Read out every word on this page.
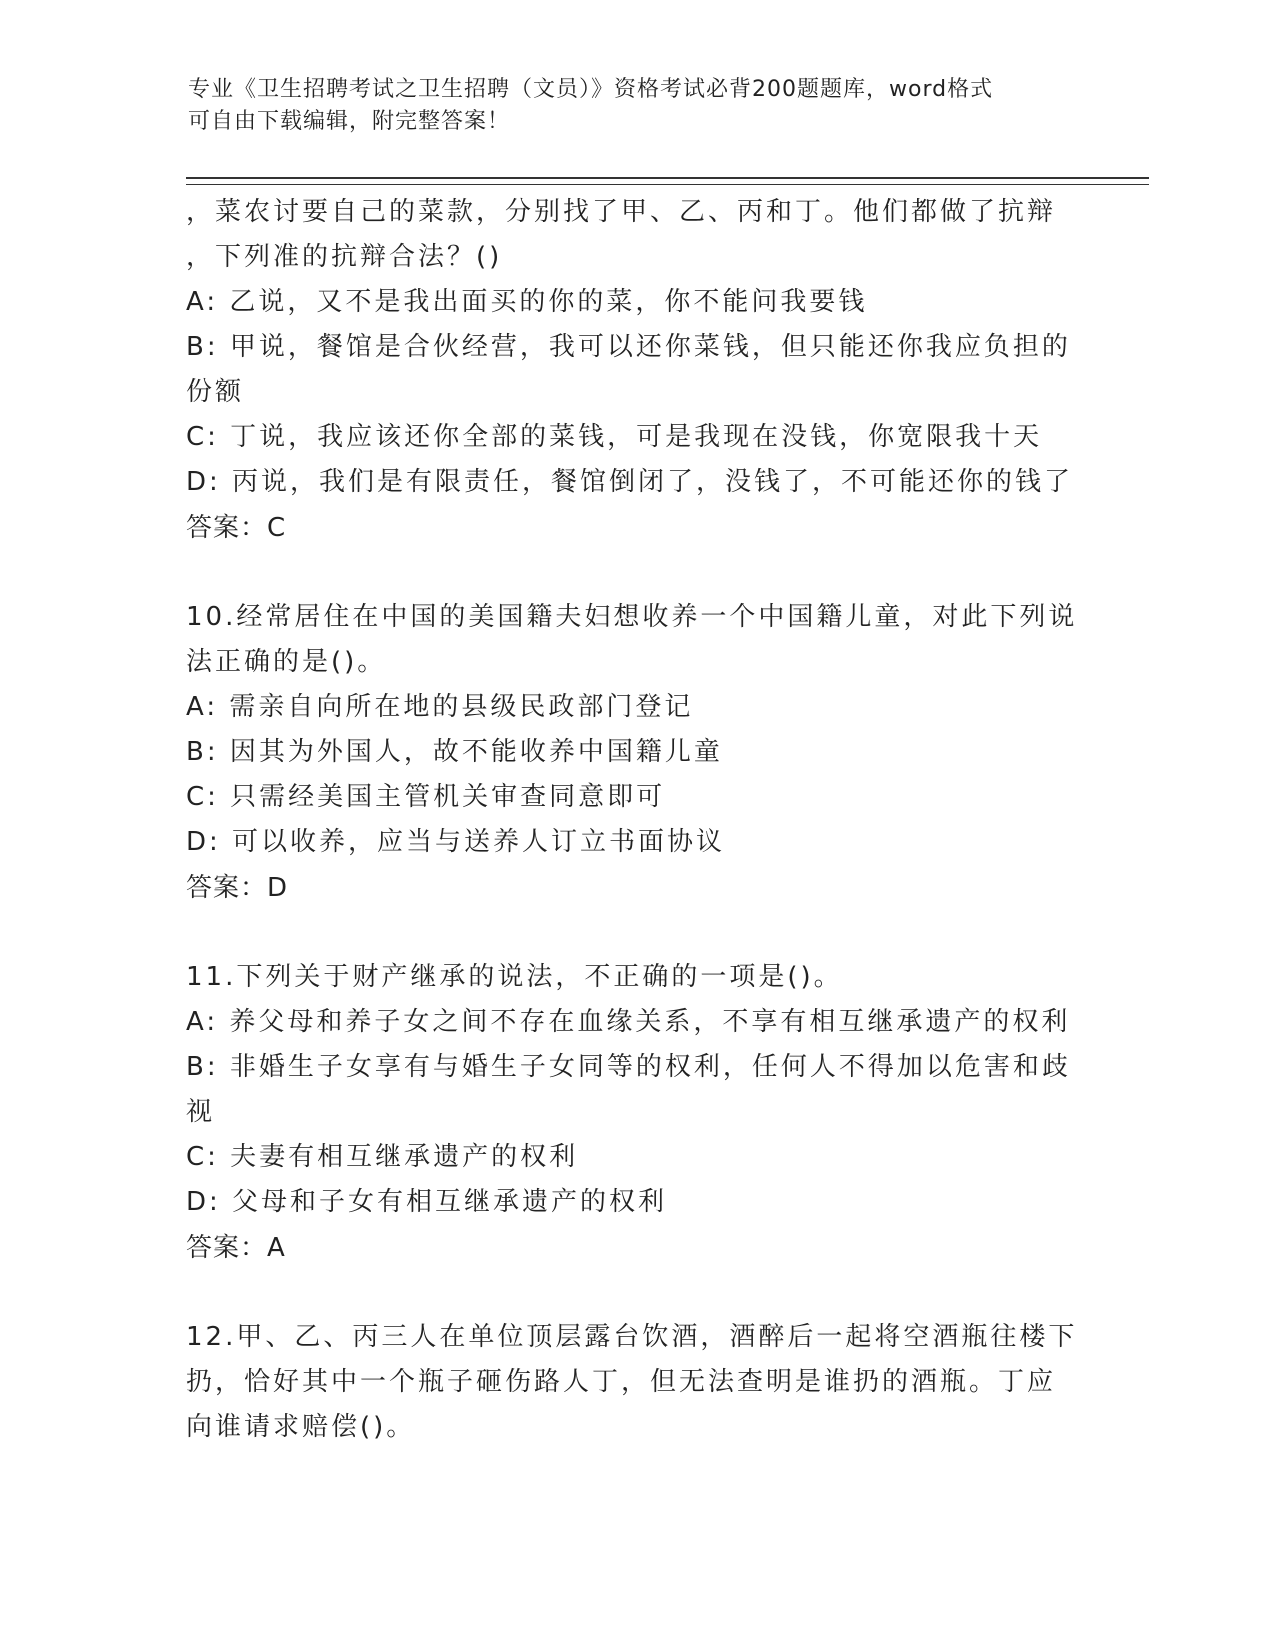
专业《卫生招聘考试之卫生招聘（文员）》资格考试必背200题题库，word格式
可自由下载编辑，附完整答案！
，菜农讨要自己的菜款，分别找了甲、乙、丙和丁。他们都做了抗辩
，下列准的抗辩合法？()
A: 乙说，又不是我出面买的你的菜，你不能问我要钱
B: 甲说，餐馆是合伙经营，我可以还你菜钱，但只能还你我应负担的
份额
C: 丁说，我应该还你全部的菜钱，可是我现在没钱，你宽限我十天
D: 丙说，我们是有限责任，餐馆倒闭了，没钱了，不可能还你的钱了
答案：C
10.经常居住在中国的美国籍夫妇想收养一个中国籍儿童，对此下列说
法正确的是()。
A: 需亲自向所在地的县级民政部门登记
B: 因其为外国人，故不能收养中国籍儿童
C: 只需经美国主管机关审查同意即可
D: 可以收养，应当与送养人订立书面协议
答案：D
11.下列关于财产继承的说法，不正确的一项是()。
A: 养父母和养子女之间不存在血缘关系，不享有相互继承遗产的权利
B: 非婚生子女享有与婚生子女同等的权利，任何人不得加以危害和歧
视
C: 夫妻有相互继承遗产的权利
D: 父母和子女有相互继承遗产的权利
答案：A
12.甲、乙、丙三人在单位顶层露台饮酒，酒醉后一起将空酒瓶往楼下
扔，恰好其中一个瓶子砸伤路人丁，但无法查明是谁扔的酒瓶。丁应
向谁请求赔偿()。
